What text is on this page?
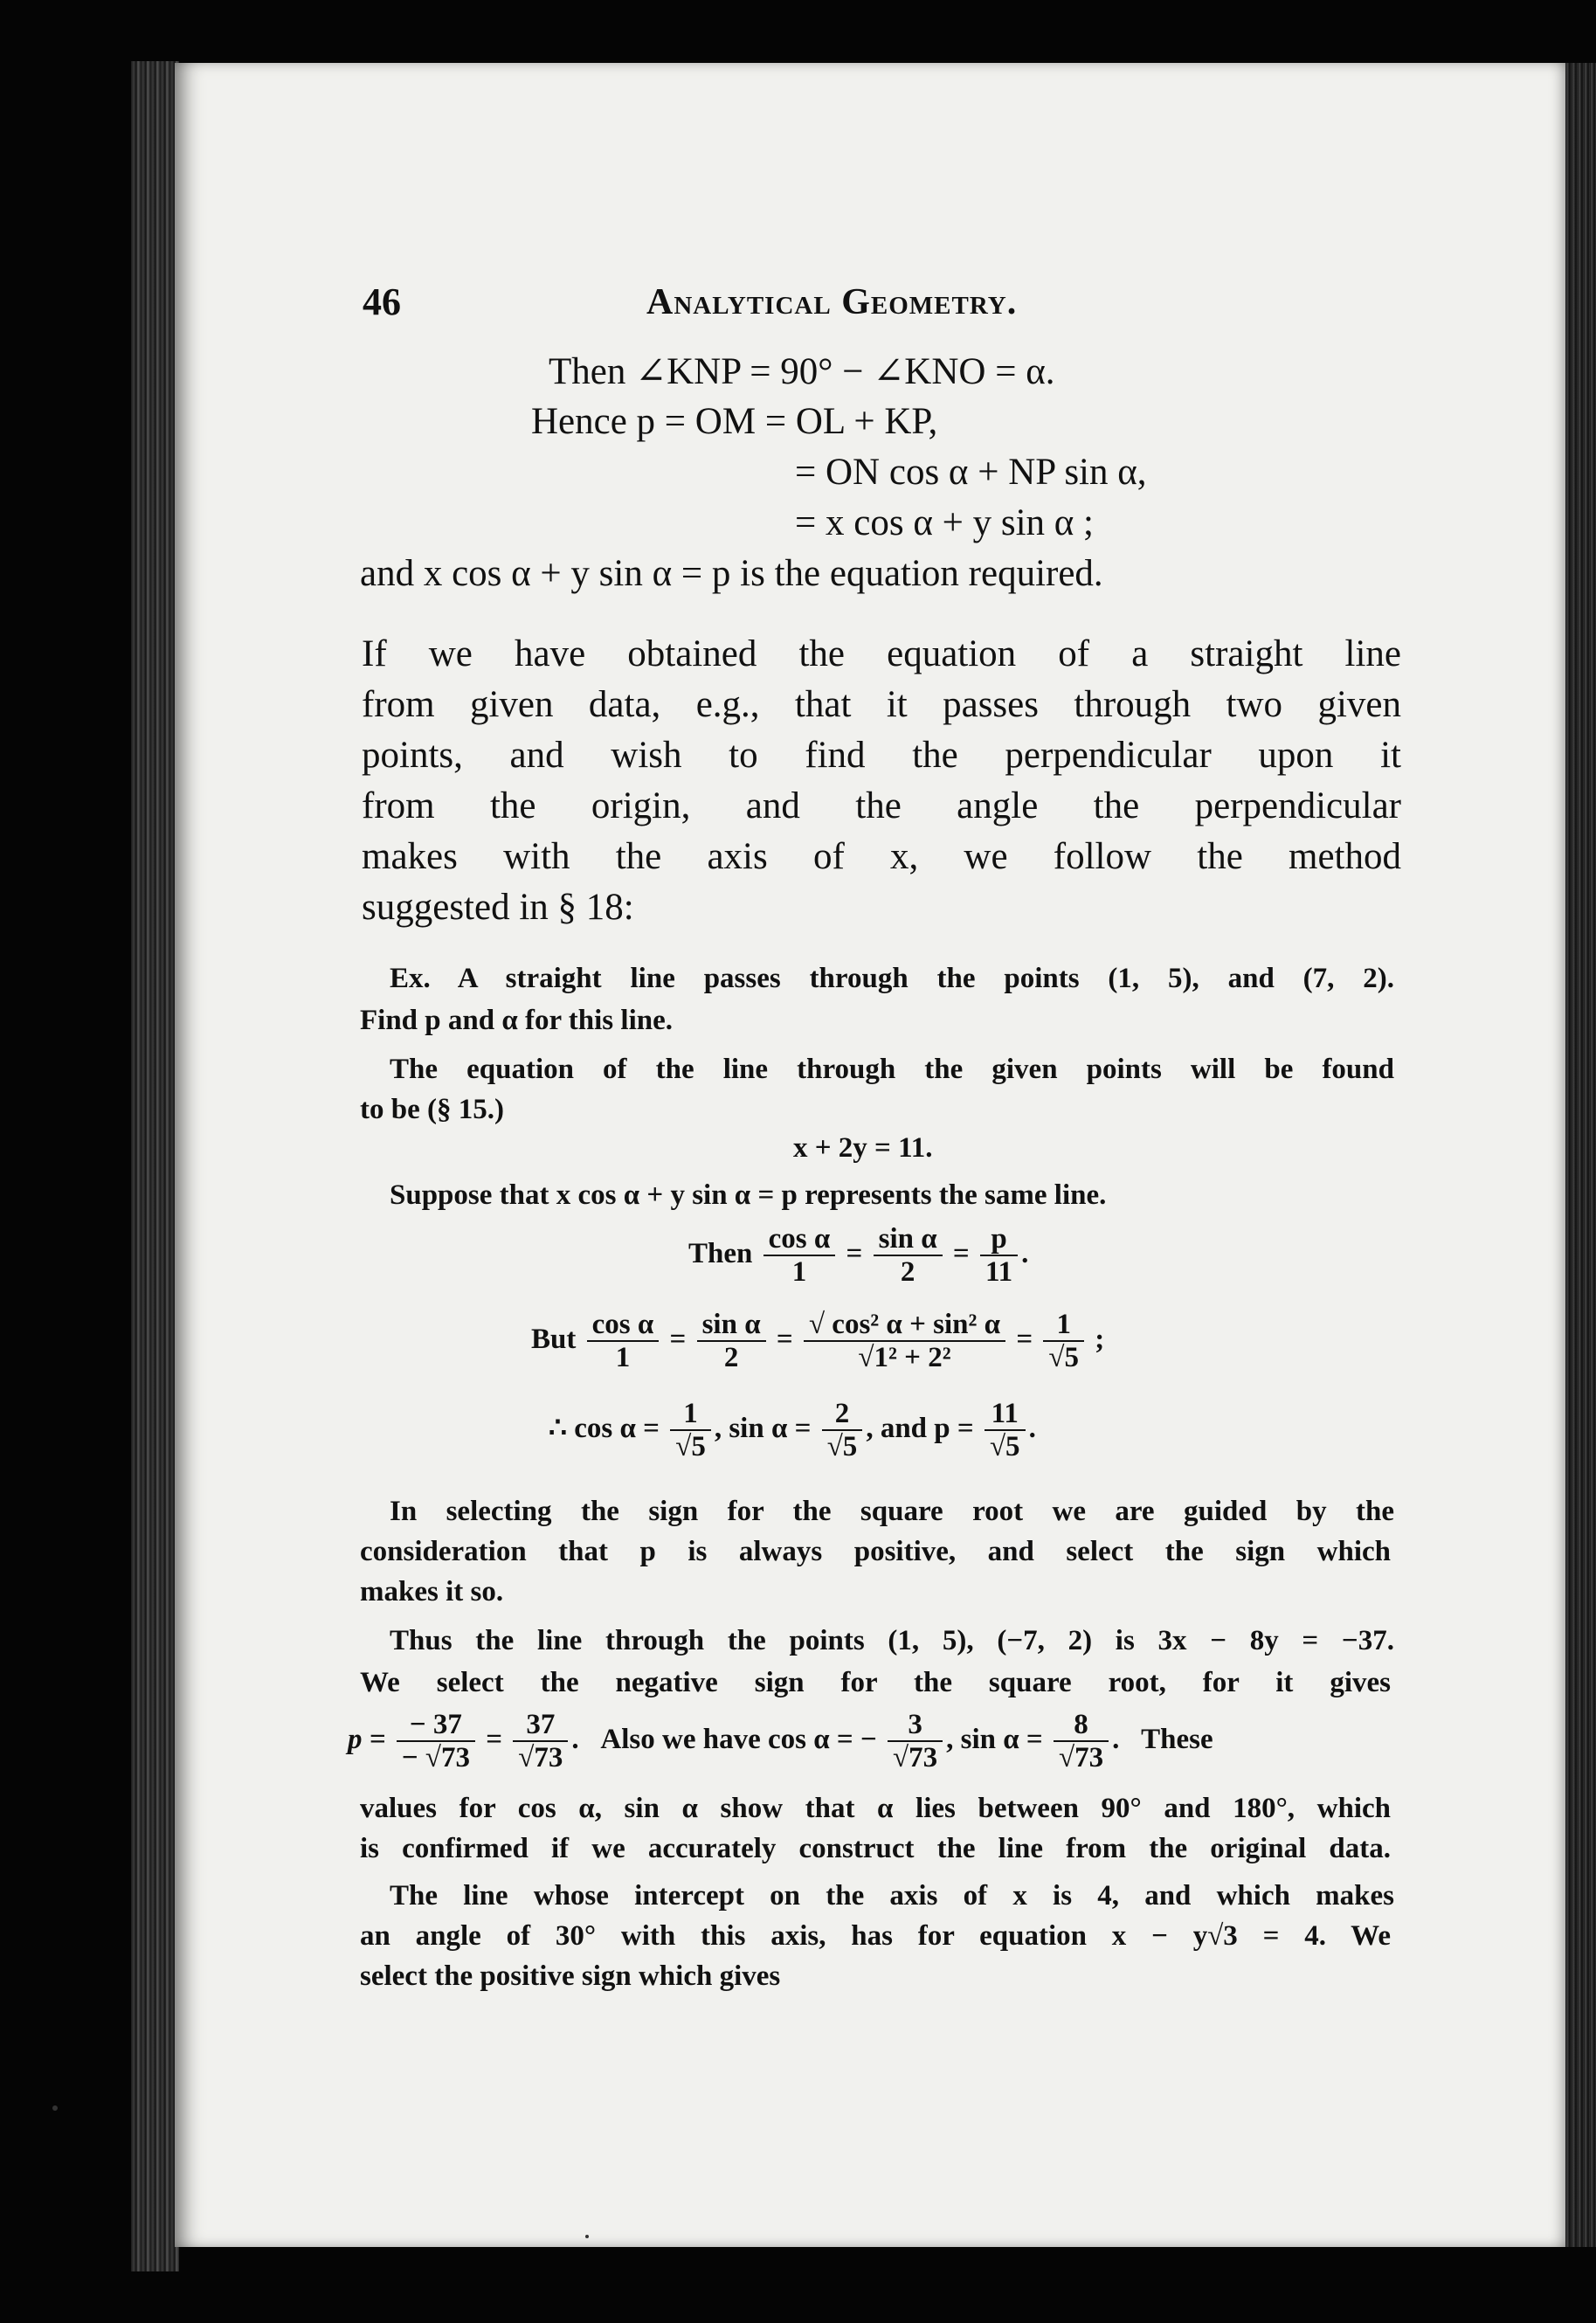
46	Analytical Geometry.
Then ∠KNP = 90° − ∠KNO = α.
Hence p = OM = OL + KP,
= ON cos α + NP sin α,
= x cos α + y sin α ;
and x cos α + y sin α = p is the equation required.
If we have obtained the equation of a straight line
from given data, e.g., that it passes through two given
points, and wish to find the perpendicular upon it
from the origin, and the angle the perpendicular
makes with the axis of x, we follow the method
suggested in § 18:
Ex. A straight line passes through the points (1, 5), and (7, 2).
Find p and α for this line.
The equation of the line through the given points will be found
to be (§ 15.)
x + 2y = 11.
Suppose that x cos α + y sin α = p represents the same line.
Then $\frac{\text{cos α}}{1} = \frac{\text{sin α}}{2} = \frac{p}{11}$ .
But $\frac{\text{cos α}}{1} = \frac{\text{sin α}}{2} = \frac{\text{√ cos² α + sin² α}}{\text{√1² + 2²}} = \frac{1}{√5}$ ;
∴ $\cos \alpha = \frac{1}{√5}$ , $\sin \alpha = \frac{2}{√5}$ , and $p = \frac{11}{√5}$ .
In selecting the sign for the square root we are guided by the
consideration that p is always positive, and select the sign which
makes it so.
Thus the line through the points (1, 5), (−7, 2) is 3x − 8y = −37.
We select the negative sign for the square root, for it gives
$p = \frac{- 37}{- √73} = \frac{37}{√73}$ .   Also we have cos α = − $\frac{3}{√73}$ , $\sin \alpha = \frac{8}{√73}$ .   These
values for cos α, sin α show that α lies between 90° and 180°, which
is confirmed if we accurately construct the line from the original data.
The line whose intercept on the axis of x is 4, and which makes
an angle of 30° with this axis, has for equation x − y√3 = 4. We
select the positive sign which gives
